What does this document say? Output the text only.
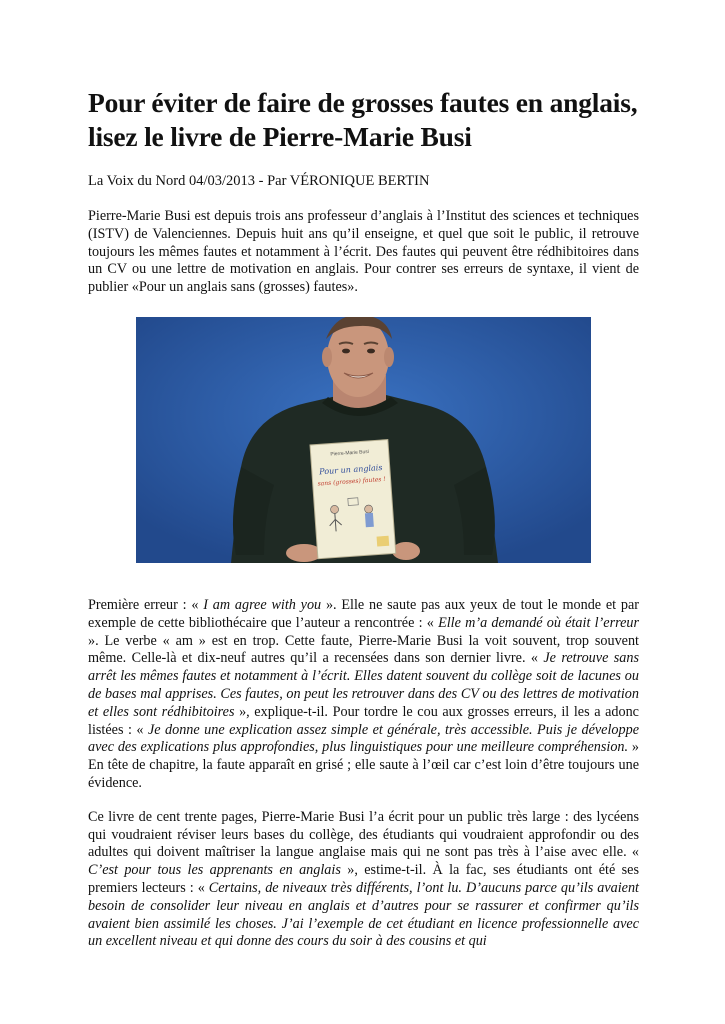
Pour éviter de faire de grosses fautes en anglais, lisez le livre de Pierre-Marie Busi
La Voix du Nord 04/03/2013 - Par VÉRONIQUE BERTIN

Pierre-Marie Busi est depuis trois ans professeur d’anglais à l’Institut des sciences et techniques (ISTV) de Valenciennes. Depuis huit ans qu’il enseigne, et quel que soit le public, il retrouve toujours les mêmes fautes et notamment à l’écrit. Des fautes qui peuvent être rédhibitoires dans un CV ou une lettre de motivation en anglais. Pour contrer ses erreurs de syntaxe, il vient de publier «Pour un anglais sans (grosses) fautes».

Pierre-Marie Busi
Pour un anglais
sans (grosses) fautes !

Première erreur : « I am agree with you ». Elle ne saute pas aux yeux de tout le monde et par exemple de cette bibliothécaire que l’auteur a rencontrée : « Elle m’a demandé où était l’erreur ». Le verbe « am » est en trop. Cette faute, Pierre-Marie Busi la voit souvent, trop souvent même. Celle-là et dix-neuf autres qu’il a recensées dans son dernier livre. « Je retrouve sans arrêt les mêmes fautes et notamment à l’écrit. Elles datent souvent du collège soit de lacunes ou de bases mal apprises. Ces fautes, on peut les retrouver dans des CV ou des lettres de motivation et elles sont rédhibitoires », explique-t-il. Pour tordre le cou aux grosses erreurs, il les a adonc listées : « Je donne une explication assez simple et générale, très accessible. Puis je développe avec des explications plus approfondies, plus linguistiques pour une meilleure compréhension. » En tête de chapitre, la faute apparaît en grisé ; elle saute à l’œil car c’est loin d’être toujours une évidence.

Ce livre de cent trente pages, Pierre-Marie Busi l’a écrit pour un public très large : des lycéens qui voudraient réviser leurs bases du collège, des étudiants qui voudraient approfondir ou des adultes qui doivent maîtriser la langue anglaise mais qui ne sont pas très à l’aise avec elle. « C’est pour tous les apprenants en anglais », estime-t-il. À la fac, ses étudiants ont été ses premiers lecteurs : « Certains, de niveaux très différents, l’ont lu. D’aucuns parce qu’ils avaient besoin de consolider leur niveau en anglais et d’autres pour se rassurer et confirmer qu’ils avaient bien assimilé les choses. J’ai l’exemple de cet étudiant en licence professionnelle avec un excellent niveau et qui donne des cours du soir à des cousins et qui
